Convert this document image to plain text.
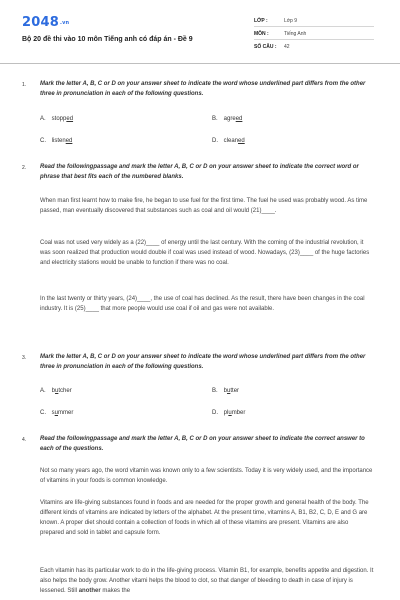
2048.vn
Bộ 20 đề thi vào 10 môn Tiếng anh có đáp án - Đề 9
LỚP :	Lớp 9
MÔN :	Tiếng Anh
SỐ CÂU : 42
1. Mark the letter A, B, C or D on your answer sheet to indicate the word whose underlined part differs from the other three in pronunciation in each of the following questions.
A. stopped	B. agreed
C. listened	D. cleaned
2. Read the followingpassage and mark the letter A, B, C or D on your answer sheet to indicate the correct word or phrase that best fits each of the numbered blanks.
When man first learnt how to make fire, he began to use fuel for the first time. The fuel he used was probably wood. As time passed, man eventually discovered that substances such as coal and oil would (21)____.
Coal was not used very widely as a (22)____ of energy until the last century. With the coming of the industrial revolution, it was soon realized that production would double if coal was used instead of wood. Nowadays, (23)____ of the huge factories and electricity stations would be unable to function if there was no coal.
In the last twenty or thirty years, (24)____, the use of coal has declined. As the result, there have been changes in the coal industry. It is (25)____ that more people would use coal if oil and gas were not available.
3. Mark the letter A, B, C or D on your answer sheet to indicate the word whose underlined part differs from the other three in pronunciation in each of the following questions.
A. butcher	B. butter
C. summer	D. plumber
4. Read the followingpassage and mark the letter A, B, C or D on your answer sheet to indicate the correct answer to each of the questions.
Not so many years ago, the word vitamin was known only to a few scientists. Today it is very widely used, and the importance of vitamins in your foods is common knowledge.
Vitamins are life-giving substances found in foods and are needed for the proper growth and general health of the body. The different kinds of vitamins are indicated by letters of the alphabet. At the present time, vitamins A, B1, B2, C, D, E and G are known. A proper diet should contain a collection of foods in which all of these vitamins are present. Vitamins are also prepared and sold in tablet and capsule form.
Each vitamin has its particular work to do in the life-giving process. Vitamin B1, for example, benefits appetite and digestion. It also helps the body grow. Another vitami helps the blood to clot, so that danger of bleeding to death in case of injury is lessened. Still another makes the
